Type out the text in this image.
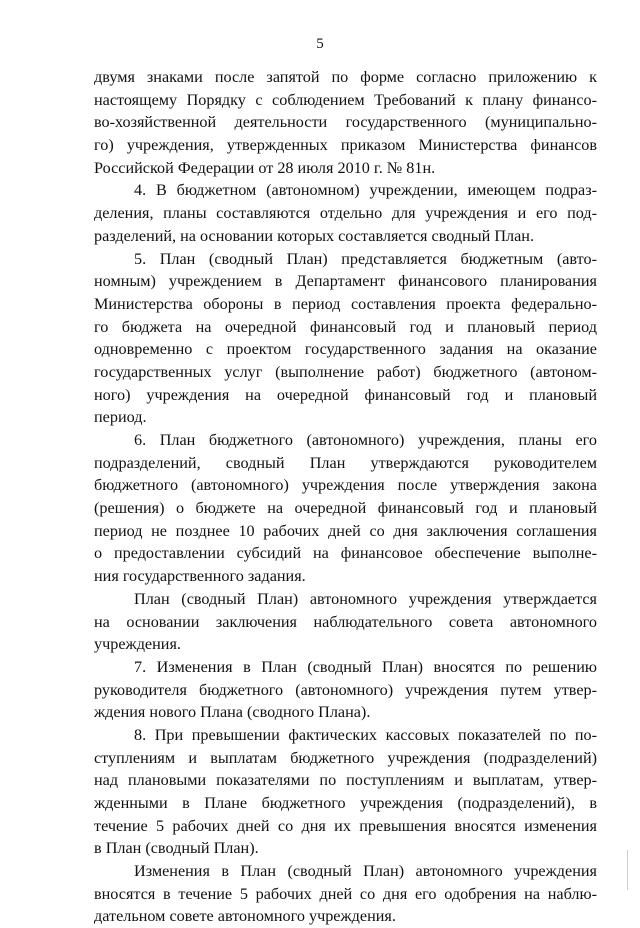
5
двумя знаками после запятой по форме согласно приложению к
настоящему Порядку с соблюдением Требований к плану финансо-
во-хозяйственной деятельности государственного (муниципально-
го) учреждения, утвержденных приказом Министерства финансов
Российской Федерации от 28 июля 2010 г. № 81н.
4. В бюджетном (автономном) учреждении, имеющем подраз-
деления, планы составляются отдельно для учреждения и его под-
разделений, на основании которых составляется сводный План.
5. План (сводный План) представляется бюджетным (авто-
номным) учреждением в Департамент финансового планирования
Министерства обороны в период составления проекта федерально-
го бюджета на очередной финансовый год и плановый период
одновременно с проектом государственного задания на оказание
государственных услуг (выполнение работ) бюджетного (автоном-
ного) учреждения на очередной финансовый год и плановый
период.
6. План бюджетного (автономного) учреждения, планы его
подразделений, сводный План утверждаются руководителем
бюджетного (автономного) учреждения после утверждения закона
(решения) о бюджете на очередной финансовый год и плановый
период не позднее 10 рабочих дней со дня заключения соглашения
о предоставлении субсидий на финансовое обеспечение выполне-
ния государственного задания.
План (сводный План) автономного учреждения утверждается
на основании заключения наблюдательного совета автономного
учреждения.
7. Изменения в План (сводный План) вносятся по решению
руководителя бюджетного (автономного) учреждения путем утвер-
ждения нового Плана (сводного Плана).
8. При превышении фактических кассовых показателей по по-
ступлениям и выплатам бюджетного учреждения (подразделений)
над плановыми показателями по поступлениям и выплатам, утвер-
жденными в Плане бюджетного учреждения (подразделений), в
течение 5 рабочих дней со дня их превышения вносятся изменения
в План (сводный План).
Изменения в План (сводный План) автономного учреждения
вносятся в течение 5 рабочих дней со дня его одобрения на наблю-
дательном совете автономного учреждения.
